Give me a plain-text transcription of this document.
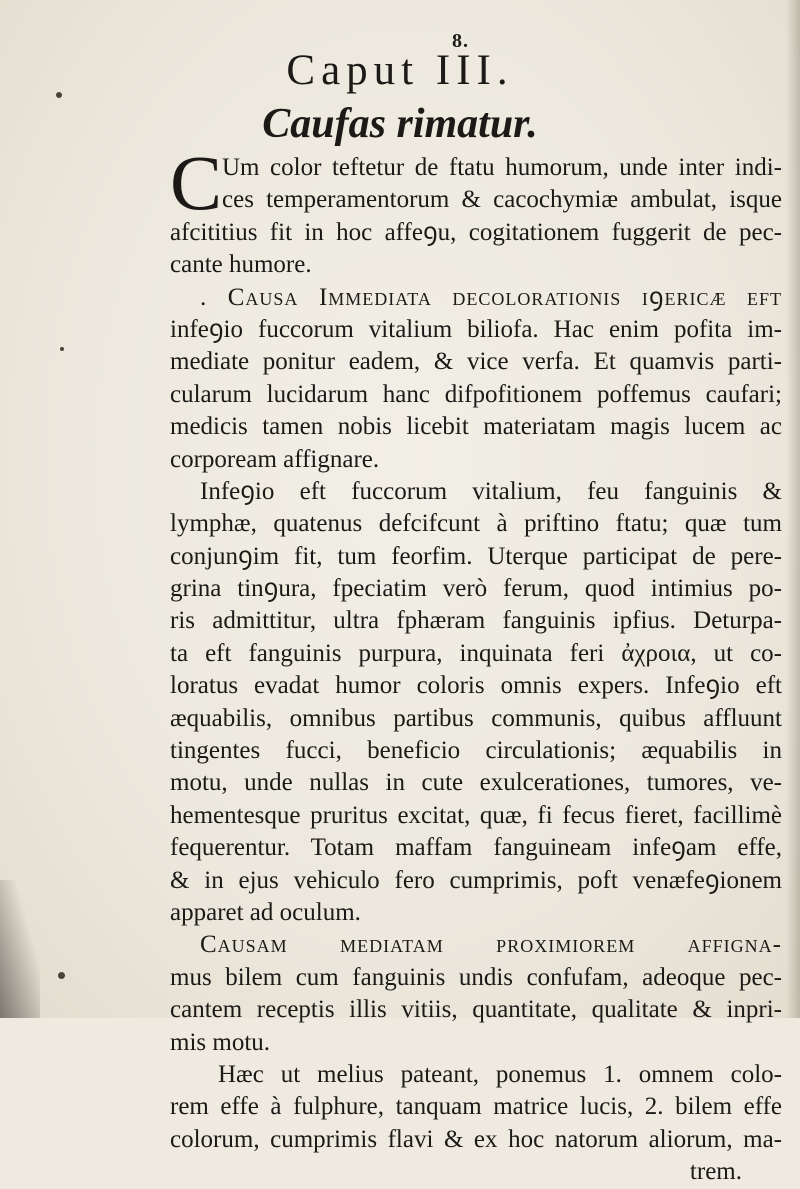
8.
Caput III.
Caufas rimatur.
C Um color teftetur de ftatu humorum, unde inter indi-
ces temperamentorum & cacochymiæ ambulat, isque
afcititius fit in hoc affeꝯu, cogitationem fuggerit de pec-
cante humore.
. Causa Immediata decolorationis iꝯericæ eft
infeꝯio fuccorum vitalium biliofa. Hac enim pofita im-
mediate ponitur eadem, & vice verfa. Et quamvis parti-
cularum lucidarum hanc difpofitionem poffemus caufari;
medicis tamen nobis licebit materiatam magis lucem ac
corpoream affignare.
Infeꝯio eft fuccorum vitalium, feu fanguinis &
lymphæ, quatenus defcifcunt à priftino ftatu; quæ tum
conjunꝯim fit, tum feorfim. Uterque participat de pere-
grina tinꝯura, fpeciatim verò ferum, quod intimius po-
ris admittitur, ultra fphæram fanguinis ipfius. Deturpa-
ta eft fanguinis purpura, inquinata feri ἀχροια, ut co-
loratus evadat humor coloris omnis expers. Infeꝯio eft
æquabilis, omnibus partibus communis, quibus affluunt
tingentes fucci, beneficio circulationis; æquabilis in
motu, unde nullas in cute exulcerationes, tumores, ve-
hementesque pruritus excitat, quæ, fi fecus fieret, facillimè
fequerentur. Totam maffam fanguineam infeꝯam effe,
& in ejus vehiculo fero cumprimis, poft venæfeꝯionem
apparet ad oculum.
Causam mediatam proximiorem affigna-
mus bilem cum fanguinis undis confufam, adeoque pec-
cantem receptis illis vitiis, quantitate, qualitate & inpri-
mis motu.
Hæc ut melius pateant, ponemus 1. omnem colo-
rem effe à fulphure, tanquam matrice lucis, 2. bilem effe
colorum, cumprimis flavi & ex hoc natorum aliorum, ma-
trem.
